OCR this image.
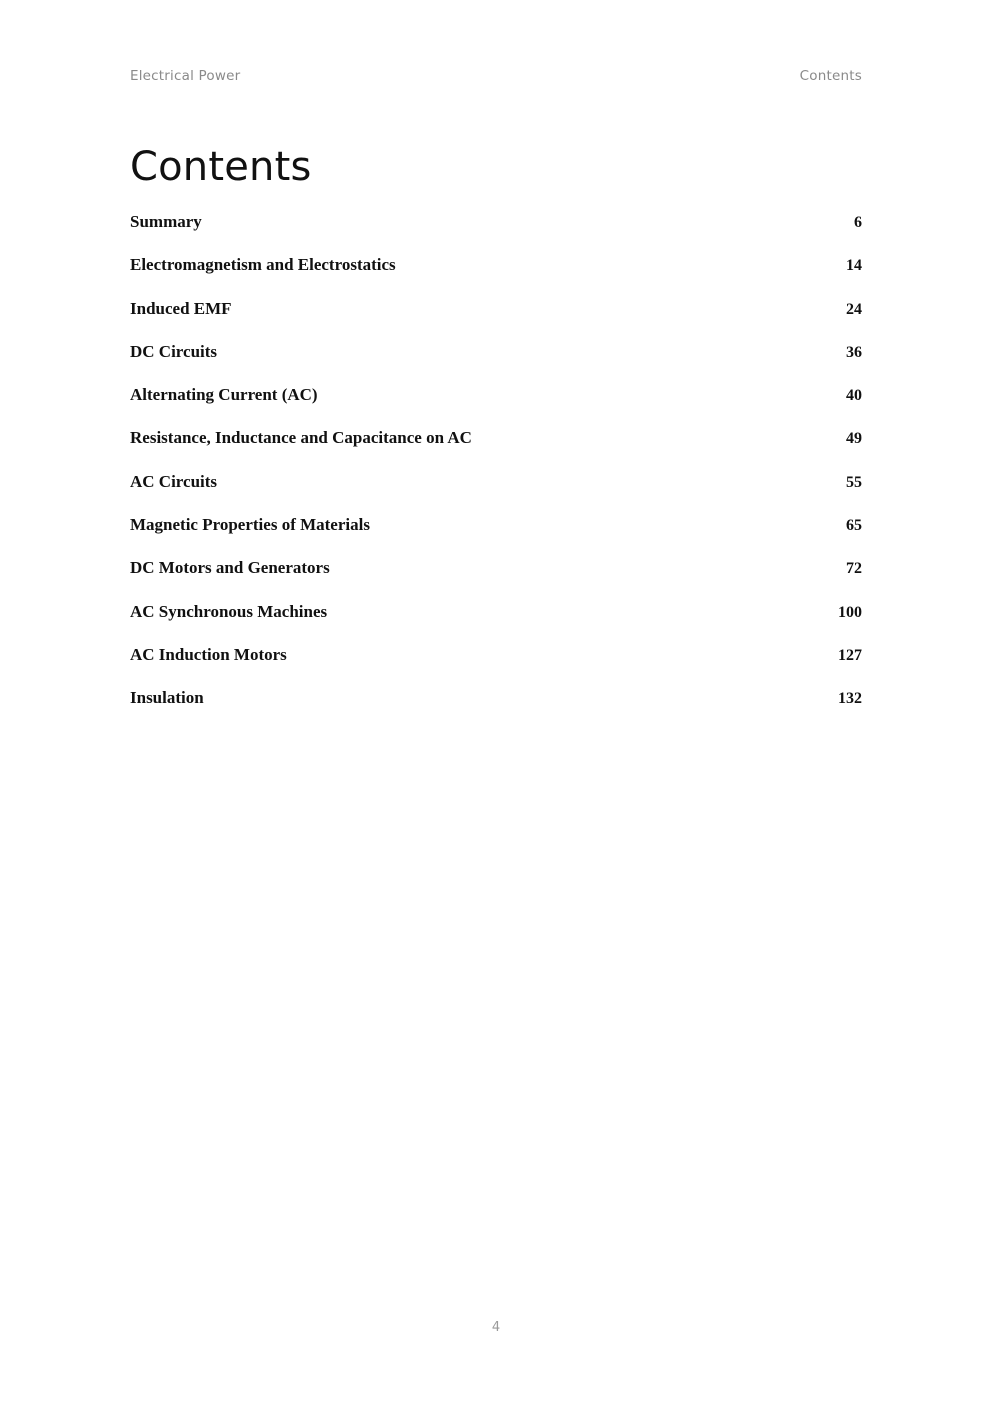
Electrical Power	Contents
Contents
Summary	6
Electromagnetism and Electrostatics	14
Induced EMF	24
DC Circuits	36
Alternating Current (AC)	40
Resistance, Inductance and Capacitance on AC	49
AC Circuits	55
Magnetic Properties of Materials	65
DC Motors and Generators	72
AC Synchronous Machines	100
AC Induction Motors	127
Insulation	132
4
